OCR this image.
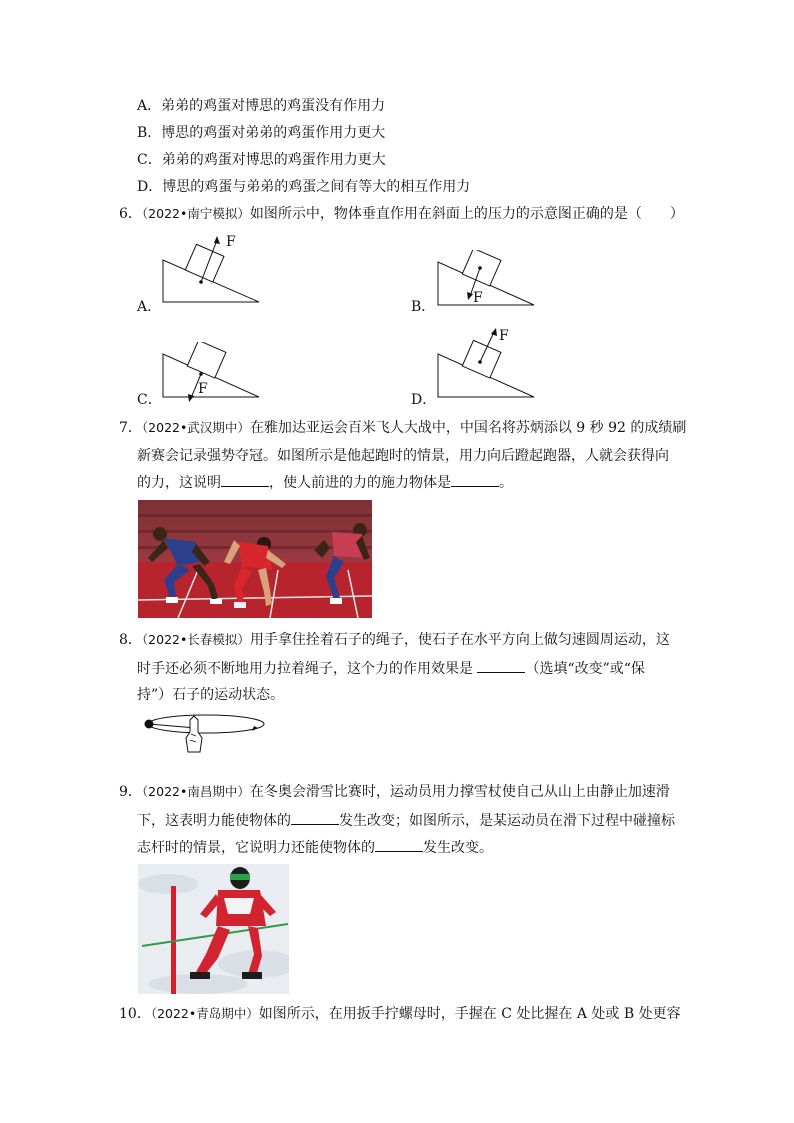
A．弟弟的鸡蛋对博思的鸡蛋没有作用力
B．博思的鸡蛋对弟弟的鸡蛋作用力更大
C．弟弟的鸡蛋对博思的鸡蛋作用力更大
D．博思的鸡蛋与弟弟的鸡蛋之间有等大的相互作用力
6．（2022•南宁模拟）如图所示中，物体垂直作用在斜面上的压力的示意图正确的是（　　）
F
A．
F
B．
F
C．
F
D．
7．（2022•武汉期中）在雅加达亚运会百米飞人大战中，中国名将苏炳添以 9 秒 92 的成绩刷
新赛会记录强势夺冠。如图所示是他起跑时的情景，用力向后蹬起跑器，人就会获得向
的力，这说明	，使人前进的力的施力物体是	。
8．（2022•长春模拟）用手拿住拴着石子的绳子，使石子在水平方向上做匀速圆周运动，这
时手还必须不断地用力拉着绳子，这个力的作用效果是	（选填“改变”或“保
持”）石子的运动状态。
9．（2022•南昌期中）在冬奥会滑雪比赛时，运动员用力撑雪杖使自己从山上由静止加速滑
下，这表明力能使物体的	发生改变；如图所示，是某运动员在滑下过程中碰撞标
志杆时的情景，它说明力还能使物体的	发生改变。
10．（2022•青岛期中）如图所示，在用扳手拧螺母时，手握在 C 处比握在 A 处或 B 处更容
